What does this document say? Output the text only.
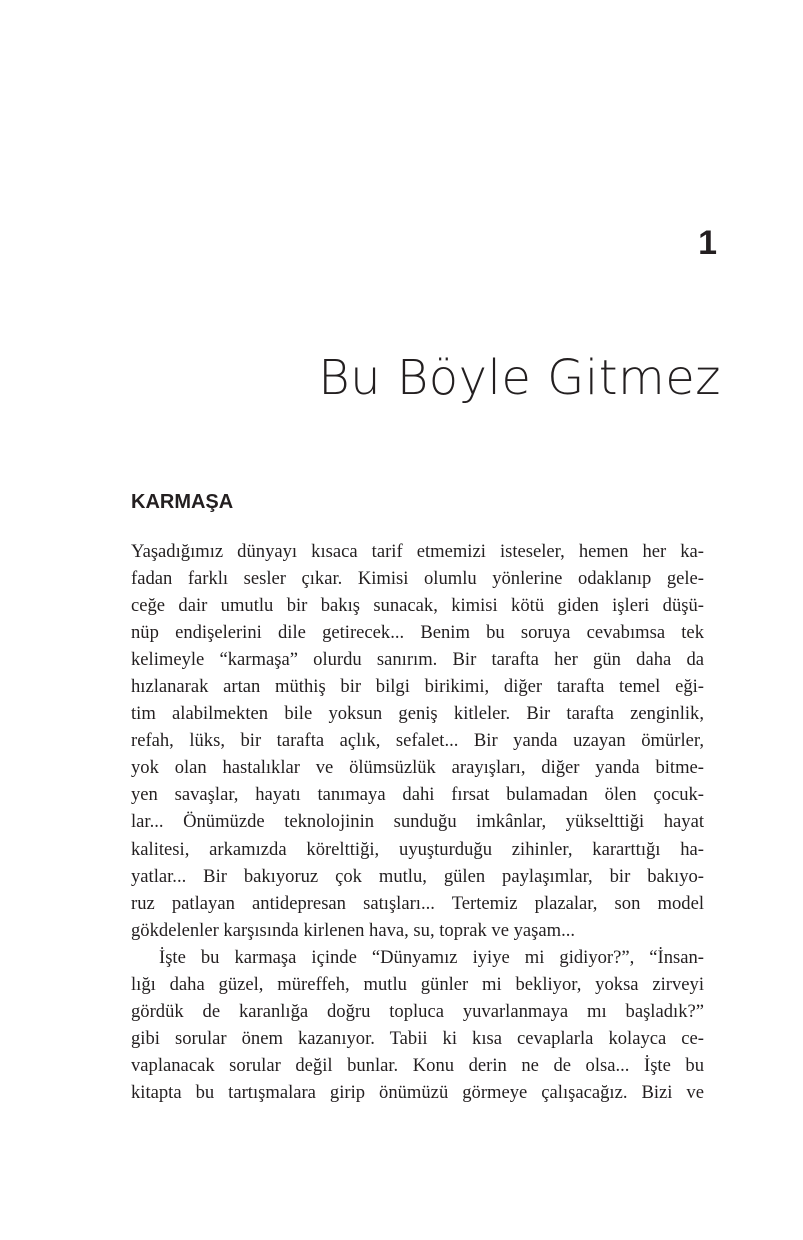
1
Bu Böyle Gitmez
KARMAŞA

Yaşadığımız dünyayı kısaca tarif etmemizi isteseler, hemen her ka-
fadan farklı sesler çıkar. Kimisi olumlu yönlerine odaklanıp gele-
ceğe dair umutlu bir bakış sunacak, kimisi kötü giden işleri düşü-
nüp endişelerini dile getirecek... Benim bu soruya cevabımsa tek
kelimeyle “karmaşa” olurdu sanırım. Bir tarafta her gün daha da
hızlanarak artan müthiş bir bilgi birikimi, diğer tarafta temel eği-
tim alabilmekten bile yoksun geniş kitleler. Bir tarafta zenginlik,
refah, lüks, bir tarafta açlık, sefalet... Bir yanda uzayan ömürler,
yok olan hastalıklar ve ölümsüzlük arayışları, diğer yanda bitme-
yen savaşlar, hayatı tanımaya dahi fırsat bulamadan ölen çocuk-
lar... Önümüzde teknolojinin sunduğu imkânlar, yükselttiği hayat
kalitesi, arkamızda körelttiği, uyuşturduğu zihinler, kararttığı ha-
yatlar... Bir bakıyoruz çok mutlu, gülen paylaşımlar, bir bakıyo-
ruz patlayan antidepresan satışları... Tertemiz plazalar, son model
gökdelenler karşısında kirlenen hava, su, toprak ve yaşam...

İşte bu karmaşa içinde “Dünyamız iyiye mi gidiyor?”, “İnsan-
lığı daha güzel, müreffeh, mutlu günler mi bekliyor, yoksa zirveyi
gördük de karanlığa doğru topluca yuvarlanmaya mı başladık?”
gibi sorular önem kazanıyor. Tabii ki kısa cevaplarla kolayca ce-
vaplanacak sorular değil bunlar. Konu derin ne de olsa... İşte bu
kitapta bu tartışmalara girip önümüzü görmeye çalışacağız. Bizi ve
